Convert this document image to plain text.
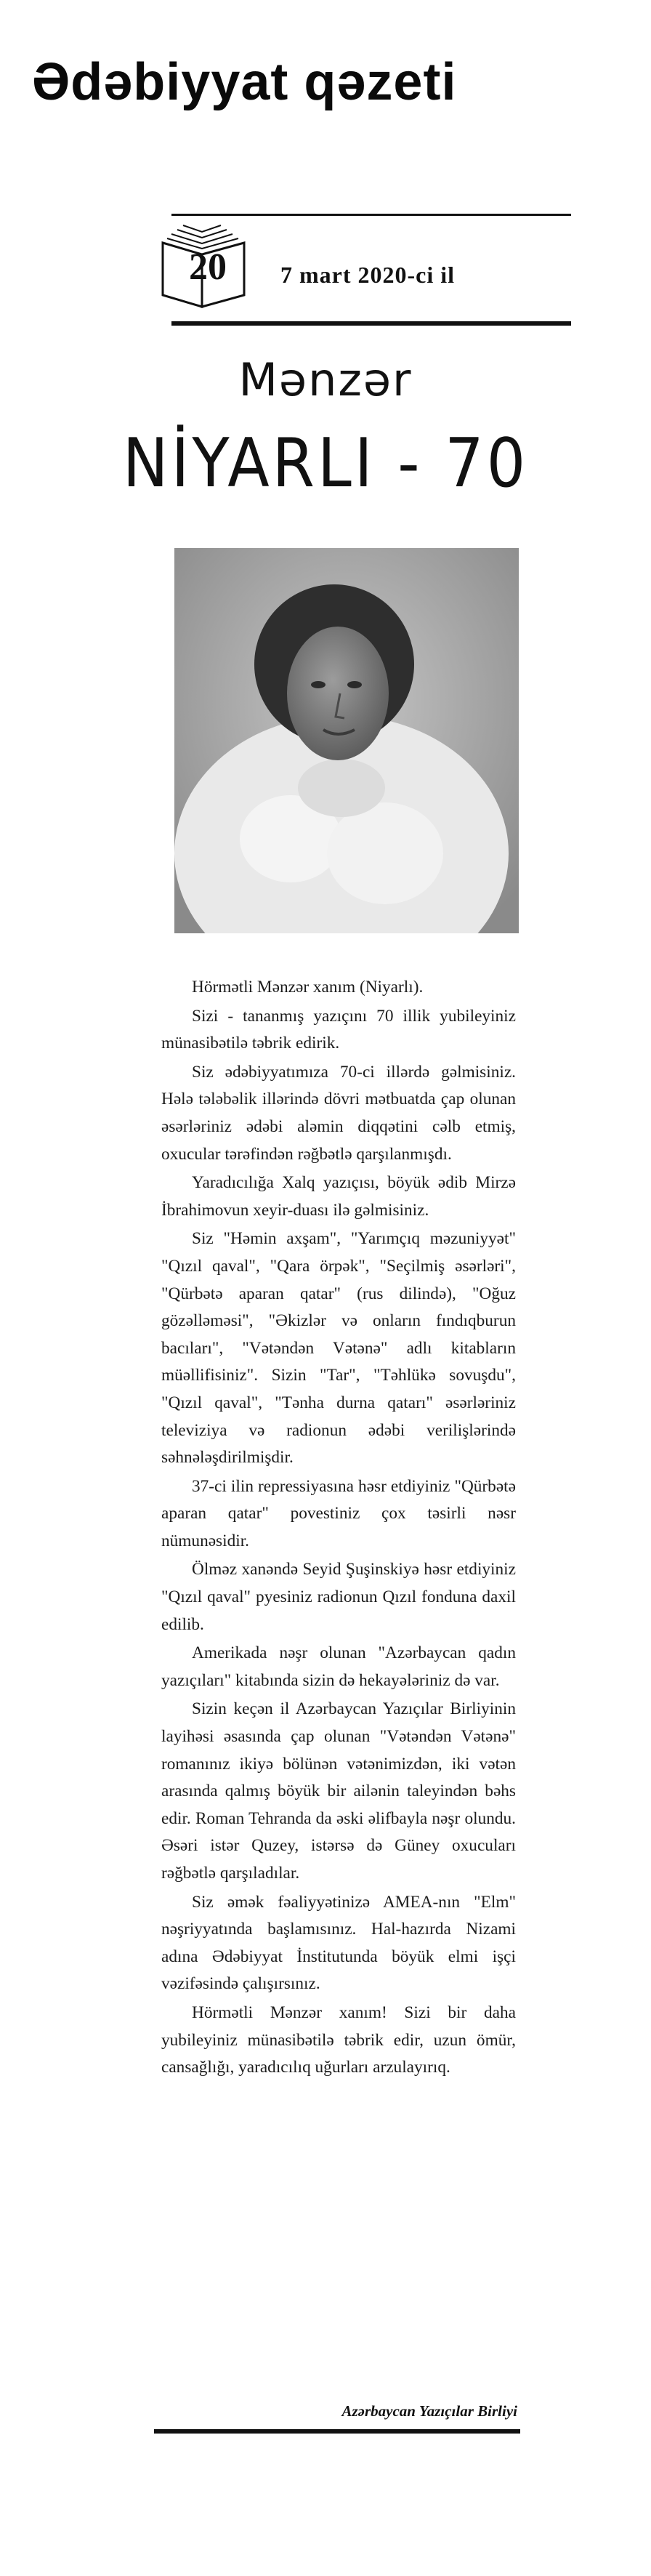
Ədəbiyyat qəzeti
20	7 mart 2020-ci il
Mənzər
NİYARLI - 70

Hörmətli Mənzər xanım (Niyarlı).

Sizi - tananmış yazıçını 70 illik yubileyiniz münasibətilə təbrik edirik.

Siz ədəbiyyatımıza 70-ci illərdə gəlmisiniz. Hələ tələbəlik illərində dövri mətbuatda çap olunan əsərləriniz ədəbi aləmin diqqətini cəlb etmiş, oxucular tərəfindən rəğbətlə qarşılanmışdı.

Yaradıcılığa Xalq yazıçısı, böyük ədib Mirzə İbrahimovun xeyir-duası ilə gəlmisiniz.

Siz "Həmin axşam", "Yarımçıq məzuniyyət" "Qızıl qaval", "Qara örpək", "Seçilmiş əsərləri", "Qürbətə aparan qatar" (rus dilində), "Oğuz gözəlləməsi", "Əkizlər və onların fındıqburun bacıları", "Vətəndən Vətənə" adlı kitabların müəllifisiniz". Sizin "Tar", "Təhlükə sovuşdu", "Qızıl qaval", "Tənha durna qatarı" əsərləriniz televiziya və radionun ədəbi verilişlərində səhnələşdirilmişdir.

37-ci ilin repressiyasına həsr etdiyiniz "Qürbətə aparan qatar" povestiniz çox təsirli nəsr nümunəsidir.

Ölməz xanəndə Seyid Şuşinskiyə həsr etdiyiniz "Qızıl qaval" pyesiniz radionun Qızıl fonduna daxil edilib.

Amerikada nəşr olunan "Azərbaycan qadın yazıçıları" kitabında sizin də hekayələriniz də var.

Sizin keçən il Azərbaycan Yazıçılar Birliyinin layihəsi əsasında çap olunan "Vətəndən Vətənə" romanınız ikiyə bölünən vətənimizdən, iki vətən arasında qalmış böyük bir ailənin taleyindən bəhs edir. Roman Tehranda da əski əlifbayla nəşr olundu. Əsəri istər Quzey, istərsə də Güney oxucuları rəğbətlə qarşıladılar.

Siz əmək fəaliyyətinizə AMEA-nın "Elm" nəşriyyatında başlamısınız. Hal-hazırda Nizami adına Ədəbiyyat İnstitutunda böyük elmi işçi vəzifəsində çalışırsınız.

Hörmətli Mənzər xanım! Sizi bir daha yubileyiniz münasibətilə təbrik edir, uzun ömür, cansağlığı, yaradıcılıq uğurları arzulayırıq.

Azərbaycan Yazıçılar Birliyi
